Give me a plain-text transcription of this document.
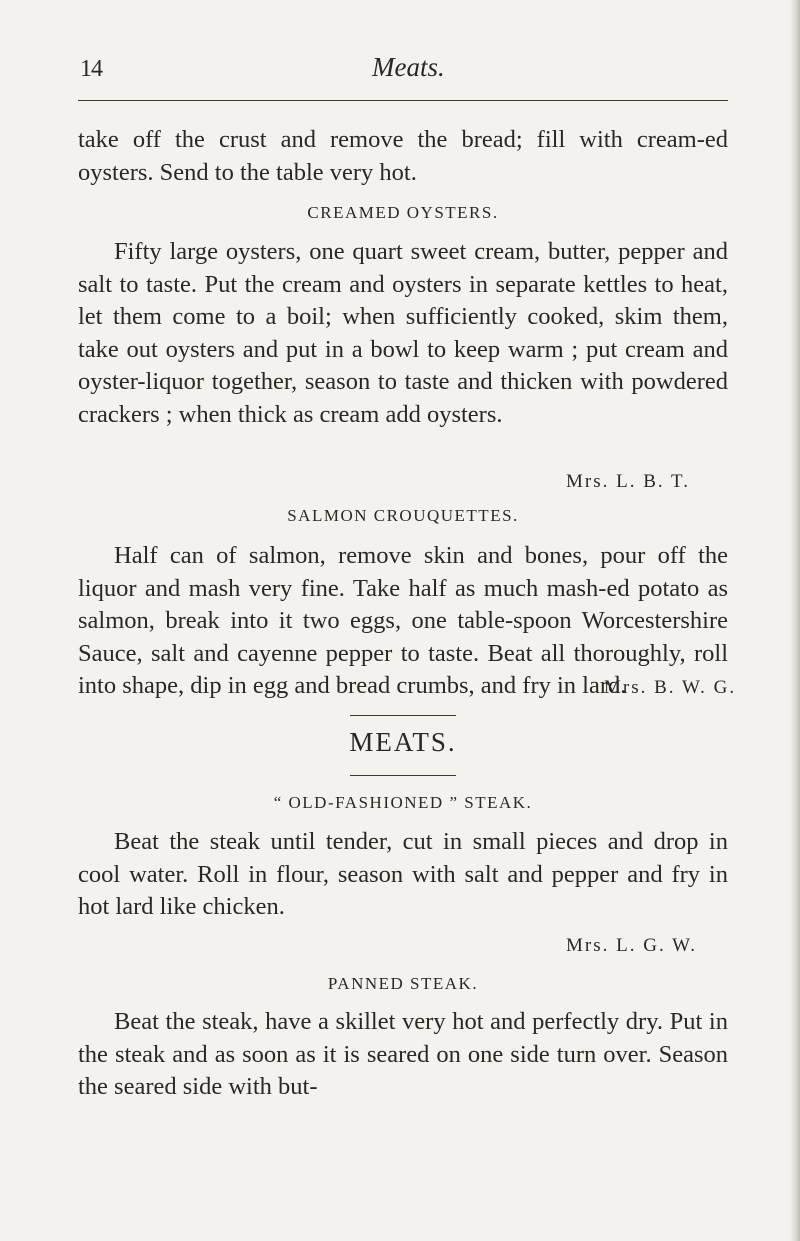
14	Meats.

take off the crust and remove the bread; fill with cream-ed oysters. Send to the table very hot.

CREAMED OYSTERS.

Fifty large oysters, one quart sweet cream, butter, pepper and salt to taste. Put the cream and oysters in separate kettles to heat, let them come to a boil; when sufficiently cooked, skim them, take out oysters and put in a bowl to keep warm ; put cream and oyster-liquor together, season to taste and thicken with powdered crackers ; when thick as cream add oysters.

Mrs. L. B. T.
SALMON CROUQUETTES.

Half can of salmon, remove skin and bones, pour off the liquor and mash very fine. Take half as much mash-ed potato as salmon, break into it two eggs, one table-spoon Worcestershire Sauce, salt and cayenne pepper to taste. Beat all thoroughly, roll into shape, dip in egg and bread crumbs, and fry in lard.

Mrs. B. W. G.
MEATS.
“ OLD-FASHIONED ” STEAK.

Beat the steak until tender, cut in small pieces and drop in cool water. Roll in flour, season with salt and pepper and fry in hot lard like chicken.

Mrs. L. G. W.
PANNED STEAK.

Beat the steak, have a skillet very hot and perfectly dry. Put in the steak and as soon as it is seared on one side turn over. Season the seared side with but-
